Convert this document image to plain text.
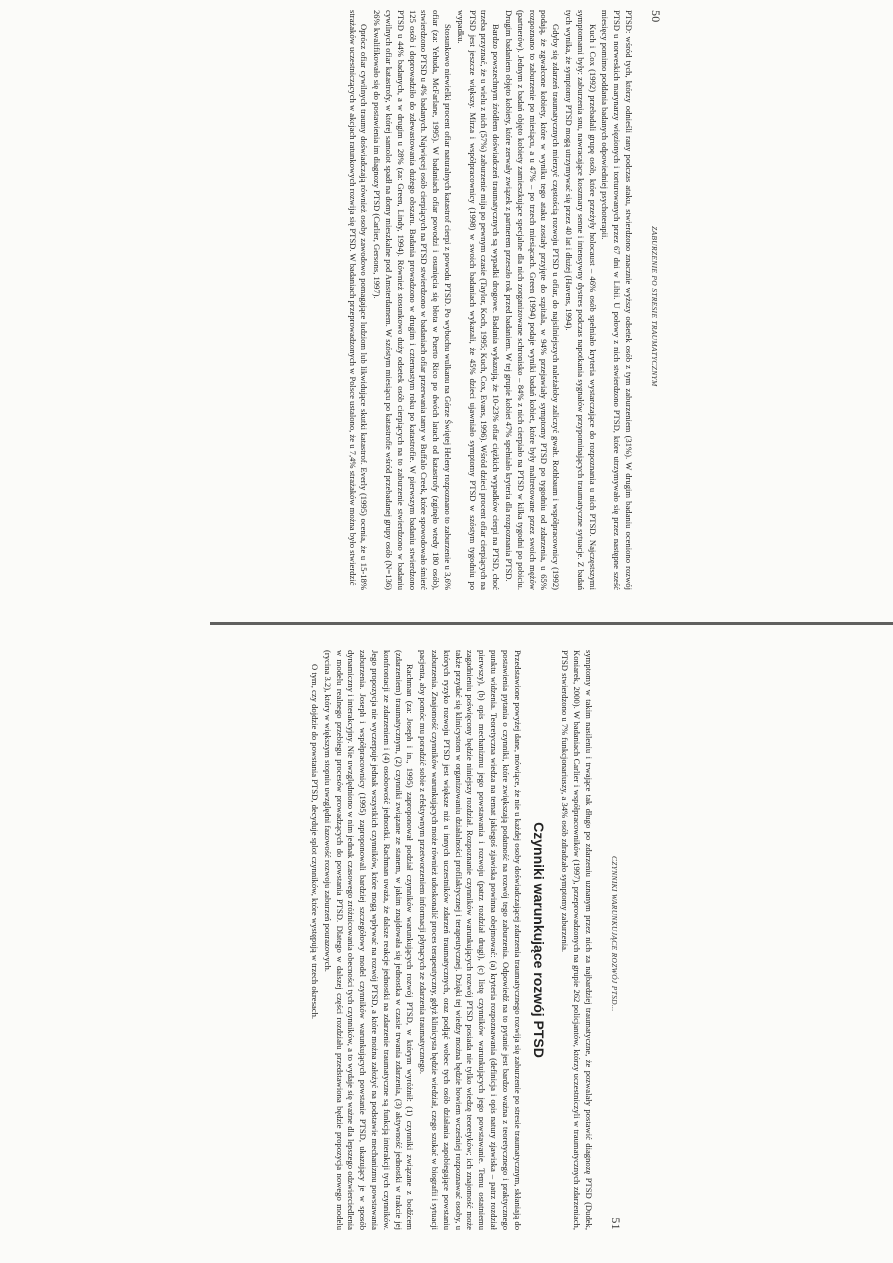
50
ZABURZENIE PO STRESIE TRAUMATYCZNYM

PTSD: wśród tych, którzy odnieśli rany podczas ataku, stwierdzono znacznie wyższy odsetek osób z tym zaburzeniem (31%). W drugim badaniu oceniono rozwój PTSD u norweskich marynarzy więzionych i torturowanych przez 67 dni w Libii. U połowy z nich stwierdzono PTSD, które utrzymywało się przez następne sześć miesięcy pomimo poddania badanych odpowiedniej psychoterapii.

Kuch i Cox (1992) przebadali grupę osób, które przeżyły holocaust – 46% osób spełniało kryteria wystarczające do rozpoznania u nich PTSD. Najczęstszymi symptomami były: zaburzenia snu, nawracające koszmary senne i intensywny dystres podczas napotkania sygnałów przypominających traumatyczne sytuacje. Z badań tych wynika, że symptomy PTSD mogą utrzymywać się przez 40 lat i dłużej (Havens, 1994).

Gdyby się zdarzeń traumatycznych mierzyć częstością rozwoju PTSD u ofiar, do najsilniejszych należałoby zaliczyć gwałt. Rothbaum i współpracownicy (1992) podają, że zgwałcone kobiety, które w wyniku tego ataku zostały przyjęte do szpitala, w 94% przejawiały symptomy PTSD po tygodniu od zdarzenia, u 65% rozpoznano to zaburzenie po miesiącu, a u 47% – po trzech miesiącach. Green (1994) podaje wyniki badań kobiet, które były maltretowane przez swoich mężów (partnerów). Jednym z badań objęto kobiety zamieszkujące specjalne dla nich zorganizowane schronisko – 84% z nich cierpiało na PTSD w kilka tygodni po pobiciu. Drugim badaniem objęto kobiety, które zerwały związek z partnerem przeszło rok przed badaniem. W tej grupie kobiet 47% spełniało kryteria dla rozpoznania PTSD.

Bardzo powszechnym źródłem doświadczeń traumatycznych są wypadki drogowe. Badania wykazują, że 10-23% ofiar ciężkich wypadków cierpi na PTSD, choć trzeba przyznać, że u wielu z nich (57%) zaburzenie mija po pewnym czasie (Taylor, Koch, 1995; Kuch, Cox, Evans, 1996). Wśród dzieci procent ofiar cierpiących na PTSD jest jeszcze większy. Mirza i współpracownicy (1998) w swoich badaniach wykazali, że 45% dzieci ujawniało symptomy PTSD w szóstym tygodniu po wypadku.

Stosunkowo niewielki procent ofiar naturalnych katastrof cierpi z powodu PTSD. Po wybuchu wulkanu na Górze Świętej Heleny rozpoznano to zaburzenie u 3,6% ofiar (za: Yehuda, McFarlane, 1995). W badaniach ofiar powodzi i osunięcia się błota w Puerto Rico po dwóch latach od katastrofy (zginęło wtedy 180 osób), stwierdzono PTSD u 4% badanych. Najwięcej osób cierpiących na PTSD stwierdzono w badaniach ofiar przerwania tamy w Buffalo Creek, które spowodowało śmierć 125 osób i doprowadziło do zdewastowania dużego obszaru. Badania prowadzono w drugim i czternastym roku po katastrofie. W pierwszym badaniu stwierdzono PTSD u 44% badanych, a w drugim u 28% (za: Green, Lindy, 1994). Również stosunkowo duży odsetek osób cierpiących na to zaburzenie stwierdzono w badaniu cywilnych ofiar katastrofy, w której samolot spadł na domy mieszkalne pod Amsterdamem. W szóstym miesiącu po katastrofie wśród przebadanej grupy osób (N=136) 26% kwalifikowało się do postawienia im diagnozy PTSD (Carlier, Gersons, 1997).

Oprócz ofiar cywilnych traumy doświadczają również osoby zawodowo pomagające ludziom lub likwidujące skutki katastrof. Everly (1995) ocenia, że u 15-18% strażaków uczestniczących w akcjach ratunkowych rozwija się PTSD. W badaniach przeprowadzonych w Polsce ustalono, że u 7,4% strażaków można było stwierdzić

CZYNNIKI WARUNKUJĄCE ROZWÓJ PTSD...
51

symptomy w takim nasileniu i trwające tak długo po zdarzeniu uznanym przez nich za najbardziej traumatyczne, że pozwalały postawić diagnozę PTSD (Dudek, Koniarek, 2000). W badaniach Carlier i współpracowników (1997), przeprowadzonych na grupie 262 policjantów, którzy uczestniczyli w traumatycznych zdarzeniach, PTSD stwierdzono u 7% funkcjonariuszy, a 34% osób zdradzało symptomy zaburzenia.

Czynniki warunkujące rozwój PTSD

Przedstawione powyżej dane, mówiące, że nie u każdej osoby doświadczającej zdarzenia traumatycznego rozwija się zaburzenie po stresie traumatycznym, skłaniają do postawienia pytania o czynniki, które zwiększają podatność na rozwój tego zaburzenia. Odpowiedź na to pytanie jest bardzo ważna z teoretycznego i praktycznego punktu widzenia. Teoretyczna wiedza na temat jakiegoś zjawiska powinna obejmować: (a) kryteria rozpoznawania (definicja i opis natury zjawiska – patrz rozdział pierwszy), (b) opis mechanizmu jego powstawania i rozwoju (patrz rozdział drugi), (c) listę czynników warunkujących jego powstawanie. Temu ostatniemu zagadnieniu poświęcony będzie niniejszy rozdział. Rozpoznanie czynników warunkujących rozwój PTSD posiada nie tylko wiedzę teoretyków; ich znajomość może także przydać się klinicystom w organizowaniu działalności profilaktycznej i terapeutycznej. Dzięki tej wiedzy można będzie bowiem wcześniej rozpoznawać osoby, u których ryzyko rozwoju PTSD jest większe niż u innych uczestników zdarzeń traumatycznych, oraz podjąć wobec tych osób działania zapobiegające powstaniu zaburzenia. Znajomość czynników warunkujących może również udoskonalić proces terapeutyczny, gdyż klinicysta będzie wiedział, czego szukać w biografii i sytuacji pacjenta, aby pomóc mu poradzić sobie z efektywnym przetworzeniem informacji płynących ze zdarzenia traumatycznego.

Rachman (za: Joseph i in., 1995) zaproponował podział czynników warunkujących rozwój PTSD, w którym wyróżnił: (1) czynniki związane z bodźcem (zdarzeniem) traumatycznym, (2) czynniki związane ze stanem, w jakim znajdowała się jednostka w czasie trwania zdarzenia, (3) aktywność jednostki w trakcie jej konfrontacji ze zdarzeniem i (4) osobowość jednostki. Rachman uważa, że dalsze reakcje jednostki na zdarzenie traumatyczne są funkcją interakcji tych czynników. Jego propozycja nie wyczerpuje jednak wszystkich czynników, które mogą wpływać na rozwój PTSD, a które można założyć na podstawie mechanizmu powstawania zaburzenia. Joseph i współpracownicy (1995) zaproponowali bardziej szczegółowy model czynników warunkujących powstanie PTSD, ukazujący je w sposób dynamiczny i interakcyjny. Nie uwzględniono w nim jednak czasowego zróżnicowania obecności tych czynników, a to wydaje się ważne dla lepszego odzwierciedlenia w modelu realnego przebiegu procesów prowadzących do powstania PTSD. Dlatego w dalszej części rozdziału przedstawiona będzie propozycja nowego modelu (rycina 3.2), który w większym stopniu uwzględni fazowość rozwoju zaburzeń pourazowych.

O tym, czy dojdzie do powstania PTSD, decyduje splot czynników, które występują w trzech okresach.
